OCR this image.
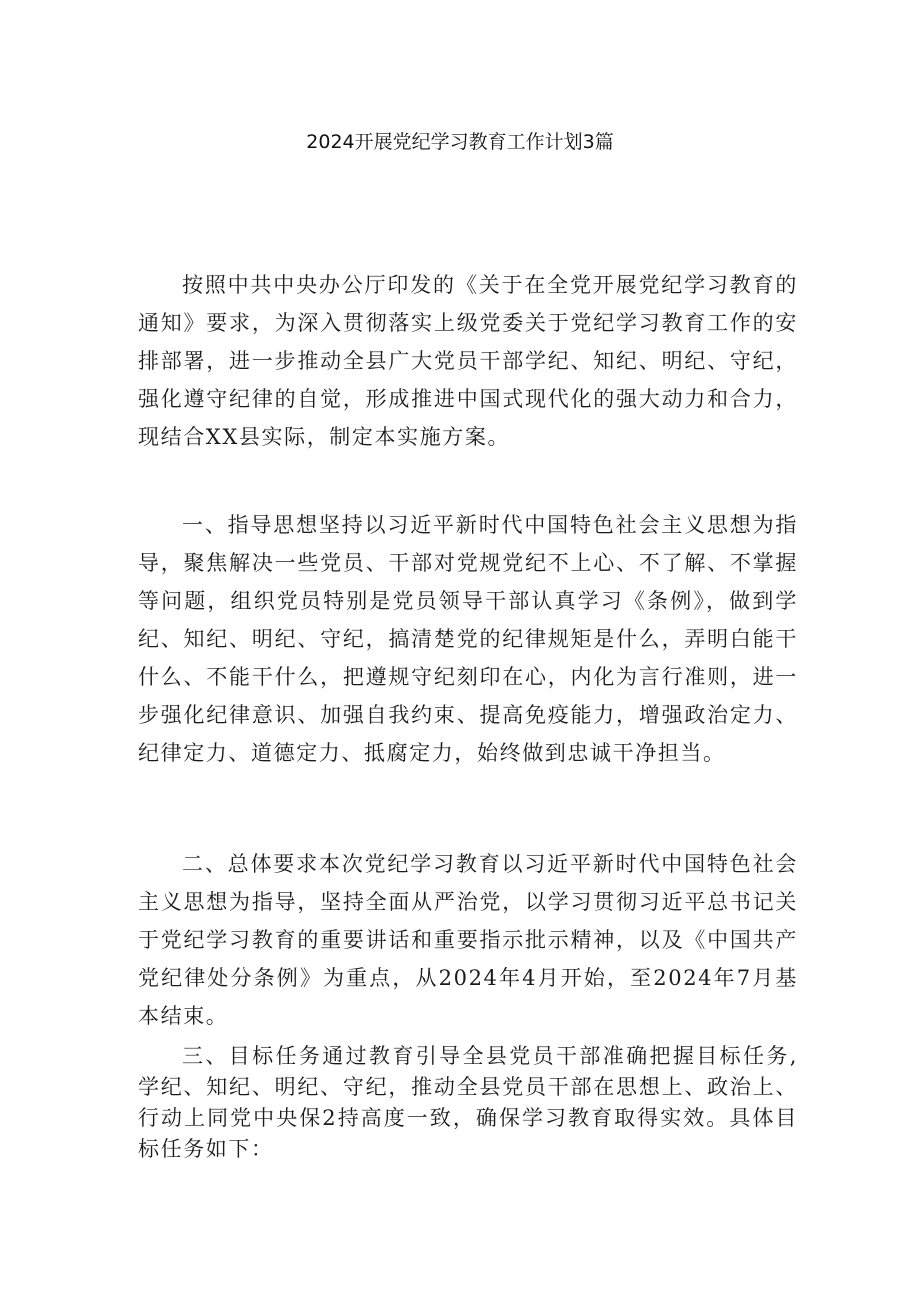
2024开展党纪学习教育工作计划3篇

按照中共中央办公厅印发的《关于在全党开展党纪学习教育的通知》要求，为深入贯彻落实上级党委关于党纪学习教育工作的安排部署，进一步推动全县广大党员干部学纪、知纪、明纪、守纪，强化遵守纪律的自觉，形成推进中国式现代化的强大动力和合力，现结合XX县实际，制定本实施方案。

一、指导思想坚持以习近平新时代中国特色社会主义思想为指导，聚焦解决一些党员、干部对党规党纪不上心、不了解、不掌握等问题，组织党员特别是党员领导干部认真学习《条例》，做到学纪、知纪、明纪、守纪，搞清楚党的纪律规矩是什么，弄明白能干什么、不能干什么，把遵规守纪刻印在心，内化为言行准则，进一步强化纪律意识、加强自我约束、提高免疫能力，增强政治定力、纪律定力、道德定力、抵腐定力，始终做到忠诚干净担当。

二、总体要求本次党纪学习教育以习近平新时代中国特色社会主义思想为指导，坚持全面从严治党，以学习贯彻习近平总书记关于党纪学习教育的重要讲话和重要指示批示精神，以及《中国共产党纪律处分条例》为重点，从2024年4月开始，至2024年7月基本结束。

三、目标任务通过教育引导全县党员干部准确把握目标任务,学纪、知纪、明纪、守纪，推动全县党员干部在思想上、政治上、行动上同党中央保2持高度一致，确保学习教育取得实效。具体目标任务如下：
